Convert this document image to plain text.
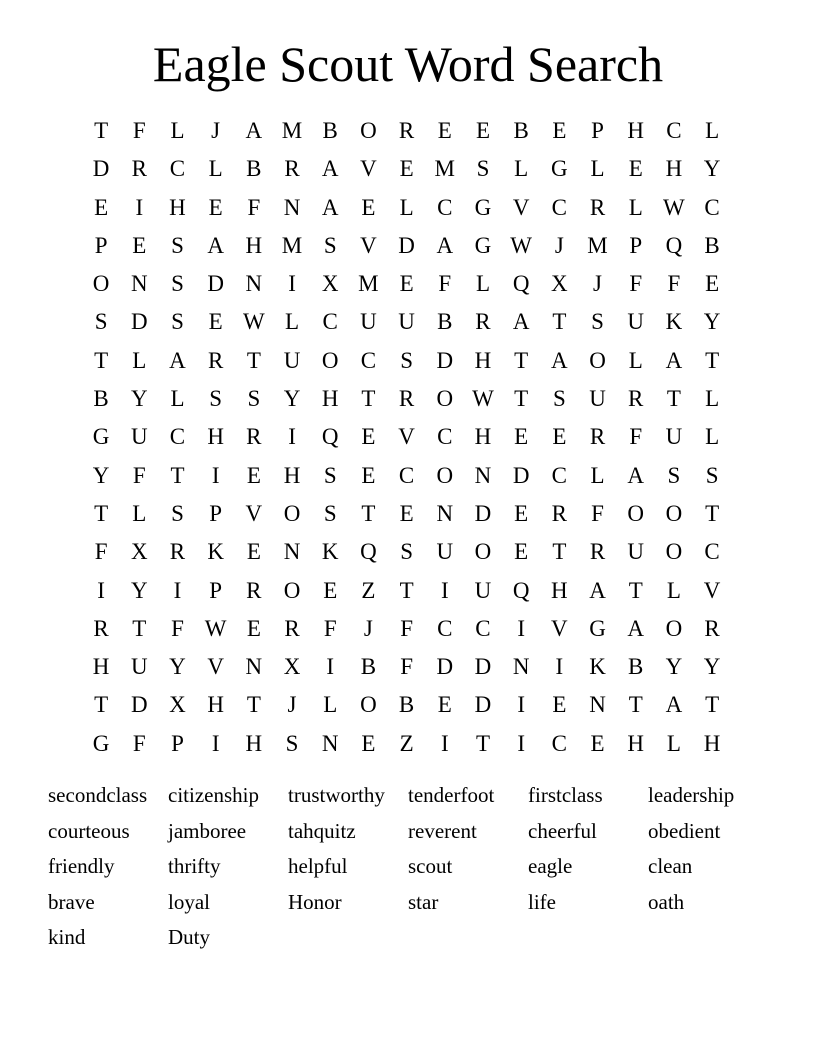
Eagle Scout Word Search
T	F	L	J	A M B O R	E	E	B	E	P	H C	L
D R C	L	B R A V E M S	L G L	E H Y
E	I	H E	F	N A E	L	C G V C R	L W C
P	E	S	A H M S	V D A G W J	M P	Q B
O N	S	D N	I	X M E	F	L Q X	J	F	F	E
S	D	S	E W L	C U U B R A T	S	U K Y
T	L A R	T U O C	S	D H T A O L A T
B Y L	S	S	Y H T	R O W T	S	U R	T	L
G U C H R	I	Q E V C H E	E	R	F	U L
Y	F	T	I	E H	S	E	C O N D C	L A	S	S
T	L	S	P	V O	S	T	E N D E	R	F	O O T
F	X R K E N K Q	S	U O E	T	R U O C
I	Y	I	P	R O E	Z	T	I	U Q H A T	L V
R	T	F W E	R	F	J	F	C C	I	V G A O R
H U Y V N X	I	B	F	D D N	I	K B Y Y
T D X H T	J	L O B	E D	I	E N T A T
G	F	P	I	H	S	N E	Z	I	T	I	C	E H L H
secondclass citizenship	trustworthy	tenderfoot	firstclass	leadership
courteous	jamboree	tahquitz	reverent	cheerful	obedient
friendly	thrifty	helpful	scout	eagle	clean
brave	loyal	Honor	star	life	oath
kind	Duty
